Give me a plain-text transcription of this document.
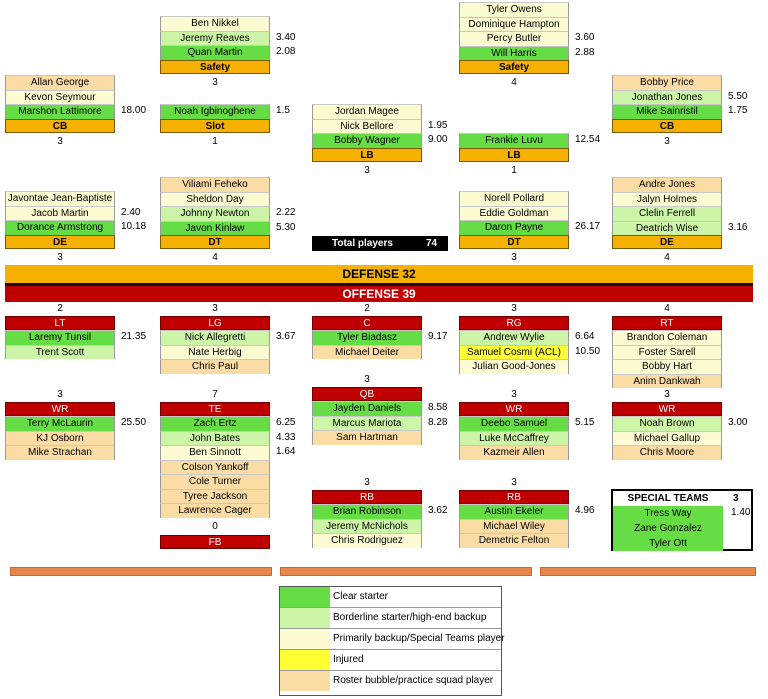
Ben Nikkel
Jeremy Reaves	3.40
Quan Martin	2.08
Safety
3
Tyler Owens
Dominique Hampton
Percy Butler	3.60
Will Harris	2.88
Safety
4
Allan George
Kevon Seymour
Marshon Lattimore	18.00
CB
3
Noah Igbinoghene	1.5
Slot
1
Jordan Magee
Nick Bellore	1.95
Bobby Wagner	9.00
LB
3
Frankie Luvu	12.54
LB
1
Bobby Price
Jonathan Jones	5.50
Mike Sainristil	1.75
CB
3
Javontae Jean-Baptiste
Jacob Martin	2.40
Dorance Armstrong	10.18
DE
3
Viliami Feheko
Sheldon Day
Johnny Newton	2.22
Javon Kinlaw	5.30
DT
4
Norell Pollard
Eddie Goldman
Daron Payne	26.17
DT
3
Andre Jones
Jalyn Holmes
Clelin Ferrell
Deatrich Wise	3.16
DE
4
Total players	74
DEFENSE 32
OFFENSE 39
LT
Laremy Tunsil	21.35
Trent Scott
LG
Nick Allegretti	3.67
Nate Herbig
Chris Paul
C
Tyler Biadasz	9.17
Michael Deiter
RG
Andrew Wylie	6.64
Samuel Cosmi (ACL)	10.50
Julian Good-Jones
RT
Brandon Coleman
Foster Sarell
Bobby Hart
Anim Dankwah
QB
Jayden Daniels	8.58
Marcus Mariota	8.28
Sam Hartman
WR
Terry McLaurin	25.50
KJ Osborn
Mike Strachan
TE
Zach Ertz	6.25
John Bates	4.33
Ben Sinnott	1.64
Colson Yankoff
Cole Turner
Tyree Jackson
Lawrence Cager
WR
Deebo Samuel	5.15
Luke McCaffrey
Kazmeir Allen
WR
Noah Brown	3.00
Michael Gallup
Chris Moore
FB
RB
Brian Robinson	3.62
Jeremy McNichols
Chris Rodriguez
RB
Austin Ekeler	4.96
Michael Wiley
Demetric Felton
2	3	2	3	4
3
3	7	3	3
0
3	3
SPECIAL TEAMS	3
Tress Way	1.40
Zane Gonzalez
Tyler Ott
Clear starter
Borderline starter/high-end backup
Primarily backup/Special Teams player
Injured
Roster bubble/practice squad player
